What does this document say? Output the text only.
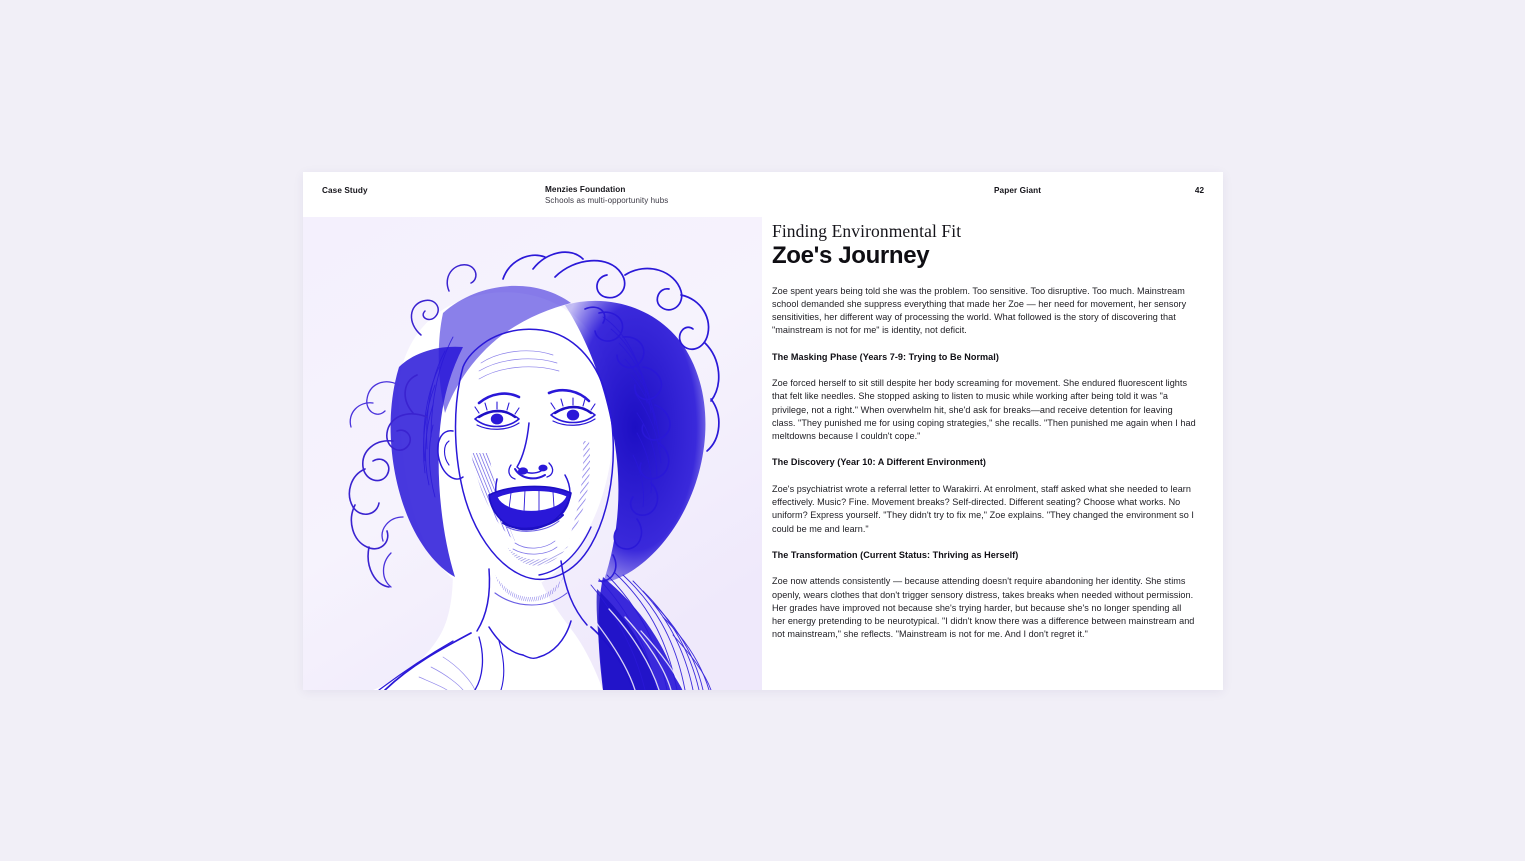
Case Study	Menzies Foundation
Schools as multi-opportunity hubs
Paper Giant	42
Finding Environmental Fit
Zoe's Journey

Zoe spent years being told she was the problem. Too sensitive. Too disruptive. Too much. Mainstream school demanded she suppress everything that made her Zoe — her need for movement, her sensory sensitivities, her different way of processing the world. What followed is the story of discovering that "mainstream is not for me" is identity, not deficit.

The Masking Phase (Years 7-9: Trying to Be Normal)

Zoe forced herself to sit still despite her body screaming for movement. She endured fluorescent lights that felt like needles. She stopped asking to listen to music while working after being told it was "a privilege, not a right." When overwhelm hit, she'd ask for breaks—and receive detention for leaving class. "They punished me for using coping strategies," she recalls. "Then punished me again when I had meltdowns because I couldn't cope."

The Discovery (Year 10: A Different Environment)

Zoe's psychiatrist wrote a referral letter to Warakirri. At enrolment, staff asked what she needed to learn effectively. Music? Fine. Movement breaks? Self-directed. Different seating? Choose what works. No uniform? Express yourself. "They didn't try to fix me," Zoe explains. "They changed the environment so I could be me and learn."

The Transformation (Current Status: Thriving as Herself)

Zoe now attends consistently — because attending doesn't require abandoning her identity. She stims openly, wears clothes that don't trigger sensory distress, takes breaks when needed without permission. Her grades have improved not because she's trying harder, but because she's no longer spending all her energy pretending to be neurotypical. "I didn't know there was a difference between mainstream and not mainstream," she reflects. "Mainstream is not for me. And I don't regret it."
